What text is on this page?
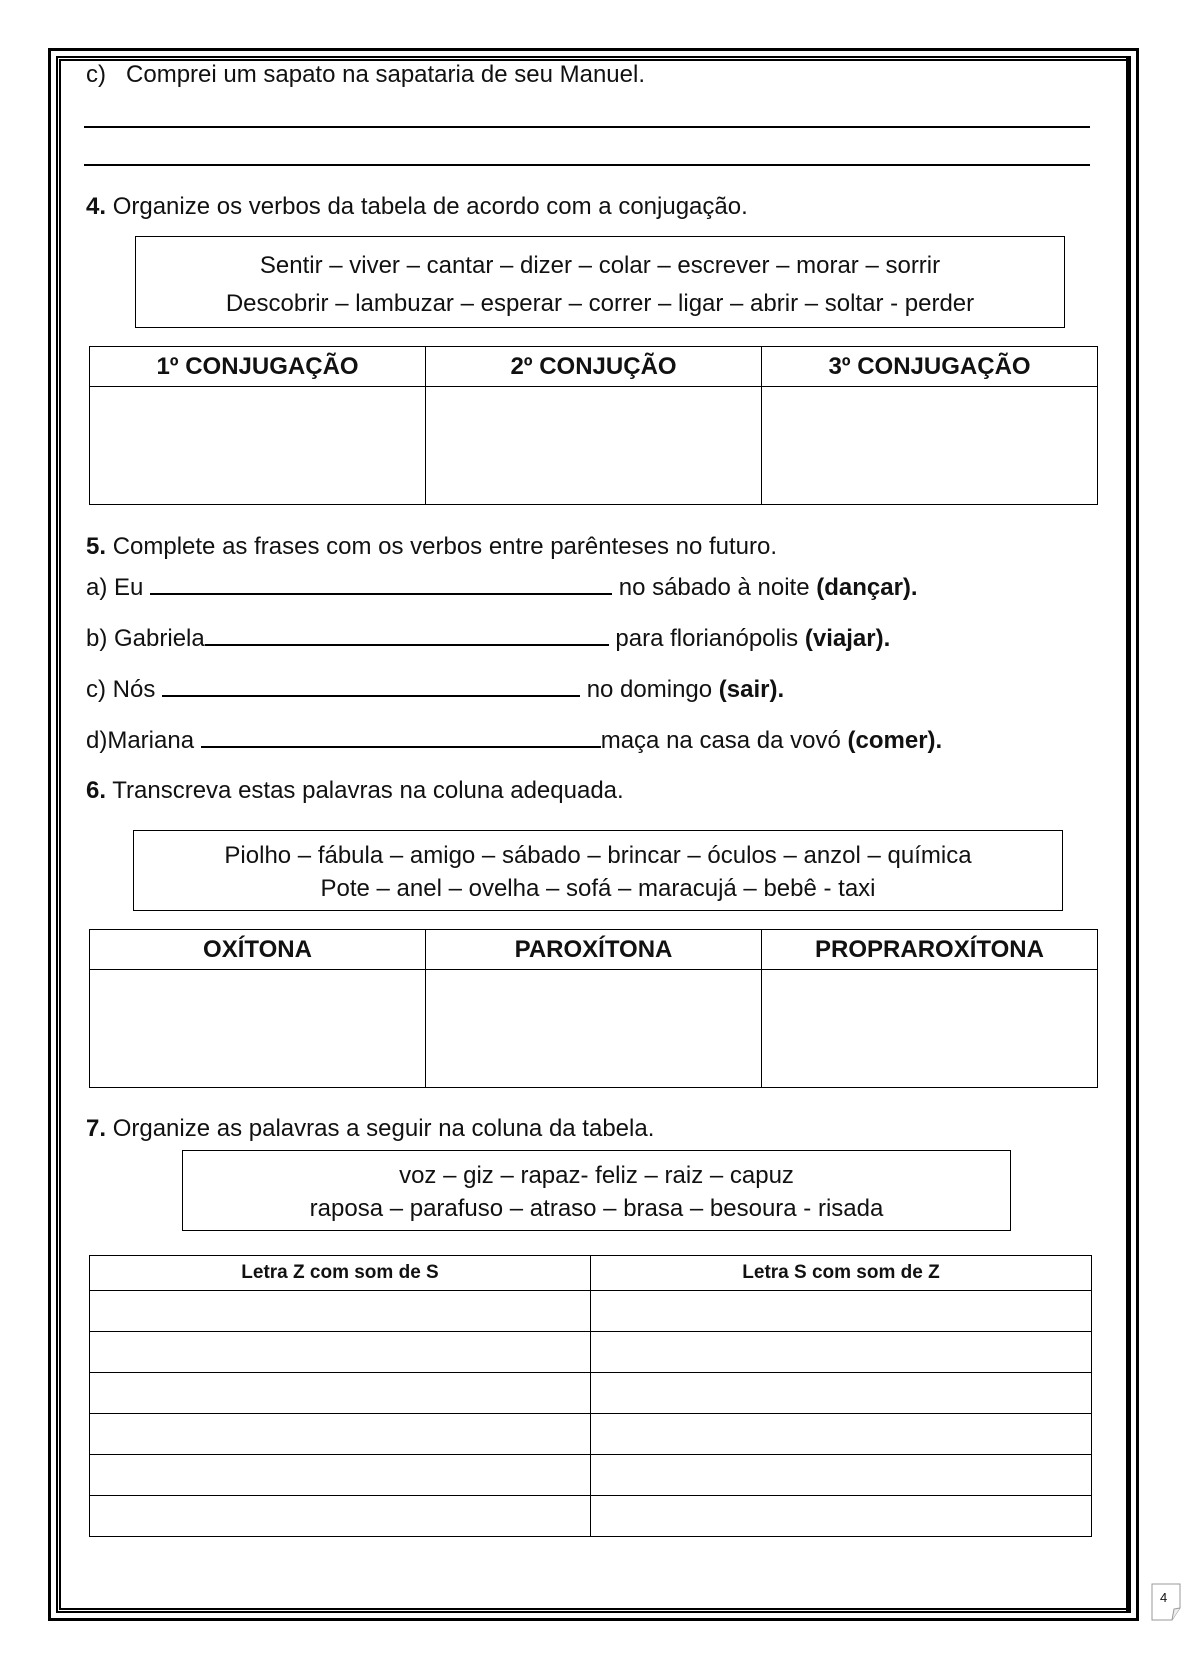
c) Comprei um sapato na sapataria de seu Manuel.
4. Organize os verbos da tabela de acordo com a conjugação.
Sentir – viver – cantar – dizer – colar – escrever – morar – sorrir
Descobrir – lambuzar – esperar – correr – ligar – abrir – soltar - perder
1º CONJUGAÇÃO	2º CONJUÇÃO	3º CONJUGAÇÃO

5. Complete as frases com os verbos entre parênteses no futuro.
a) Eu	no sábado à noite (dançar).
b) Gabriela	para florianópolis (viajar).
c) Nós	no domingo (sair).
d)Mariana	maça na casa da vovó (comer).
6. Transcreva estas palavras na coluna adequada.
Piolho – fábula – amigo – sábado – brincar – óculos – anzol – química
Pote – anel – ovelha – sofá – maracujá – bebê - taxi
OXÍTONA	PAROXÍTONA	PROPRAROXÍTONA

7. Organize as palavras a seguir na coluna da tabela.
voz – giz – rapaz- feliz – raiz – capuz
raposa – parafuso – atraso – brasa – besoura - risada
Letra Z com som de S	Letra S com som de Z

4
